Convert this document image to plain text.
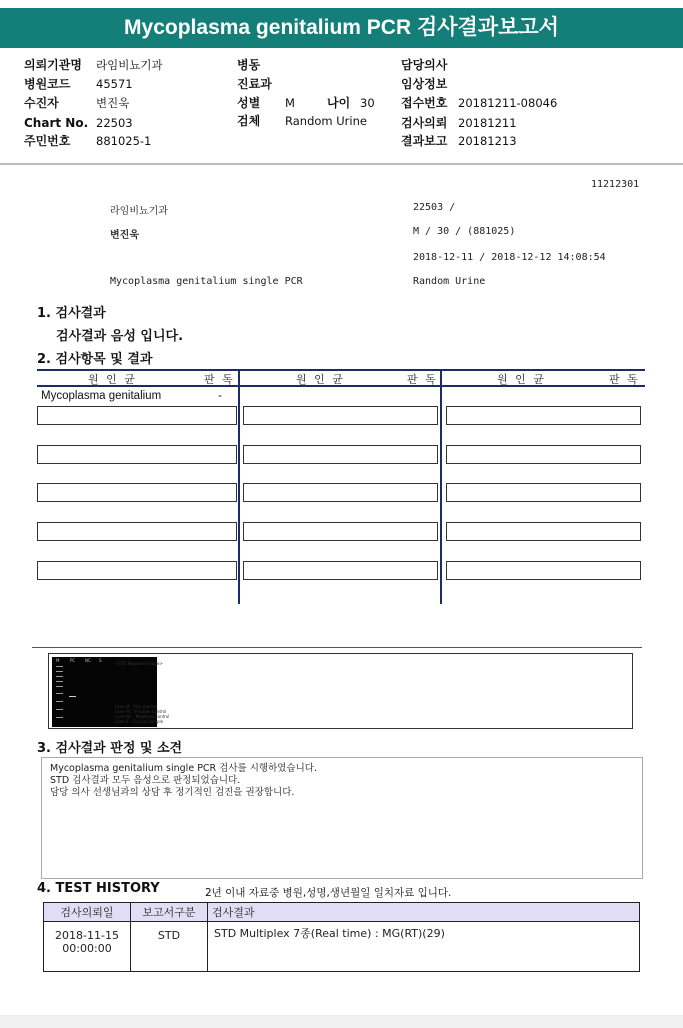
Mycoplasma genitalium PCR 검사결과보고서
의뢰기관명 라임비뇨기과
병원코드 45571
수진자	변진욱
Chart No. 22503
주민번호 881025-1
병동
진료과
성별 M	나이 30
검체 Random Urine
담당의사
임상정보
접수번호 20181211-08046
검사의뢰 20181211
결과보고 20181213
11212301
라임비뇨기과	22503 /
변진욱	M / 30 / (881025)
2018-12-11 / 2018-12-12 14:08:54
Mycoplasma genitalium single PCR	Random Urine
1. 검사결과
검사결과 음성 입니다.
2. 검사항목 및 결과
원 인 균	판 독	원 인 균	판 독	원 인 균	판 독
Mycoplasma genitalium	-
M	PC NC S
<STD Negative Image>
Lane M : Size marker
Lane PC : Positive Control
Lane NC : Negative Control
Lane S : Clinical Sample
3. 검사결과 판정 및 소견
Mycoplasma genitalium single PCR 검사를 시행하였습니다.
STD 검사결과 모두 음성으로 판정되었습니다.
담당 의사 선생님과의 상담 후 정기적인 검진을 권장합니다.
4. TEST HISTORY	2년 이내 자료중 병원,성명,생년월일 일치자료 입니다.
검사의뢰일	보고서구분	검사결과

2018-11-15
00:00:00	STD	STD Multiplex 7종(Real time) : MG(RT)(29)
